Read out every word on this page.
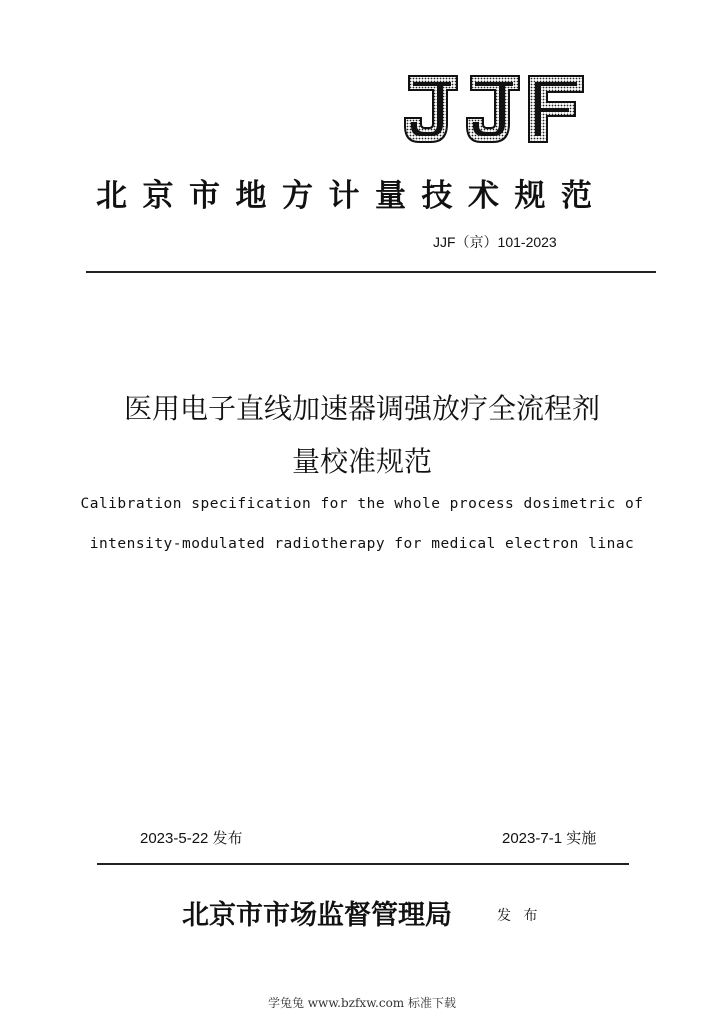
北京市地方计量技术规范
JJF（京）101-2023
医用电子直线加速器调强放疗全流程剂
量校准规范
Calibration specification for the whole process dosimetric of
intensity-modulated radiotherapy for medical electron linac
2023-5-22 发布	2023-7-1 实施
北京市市场监督管理局	发 布
学兔兔 www.bzfxw.com 标准下载
